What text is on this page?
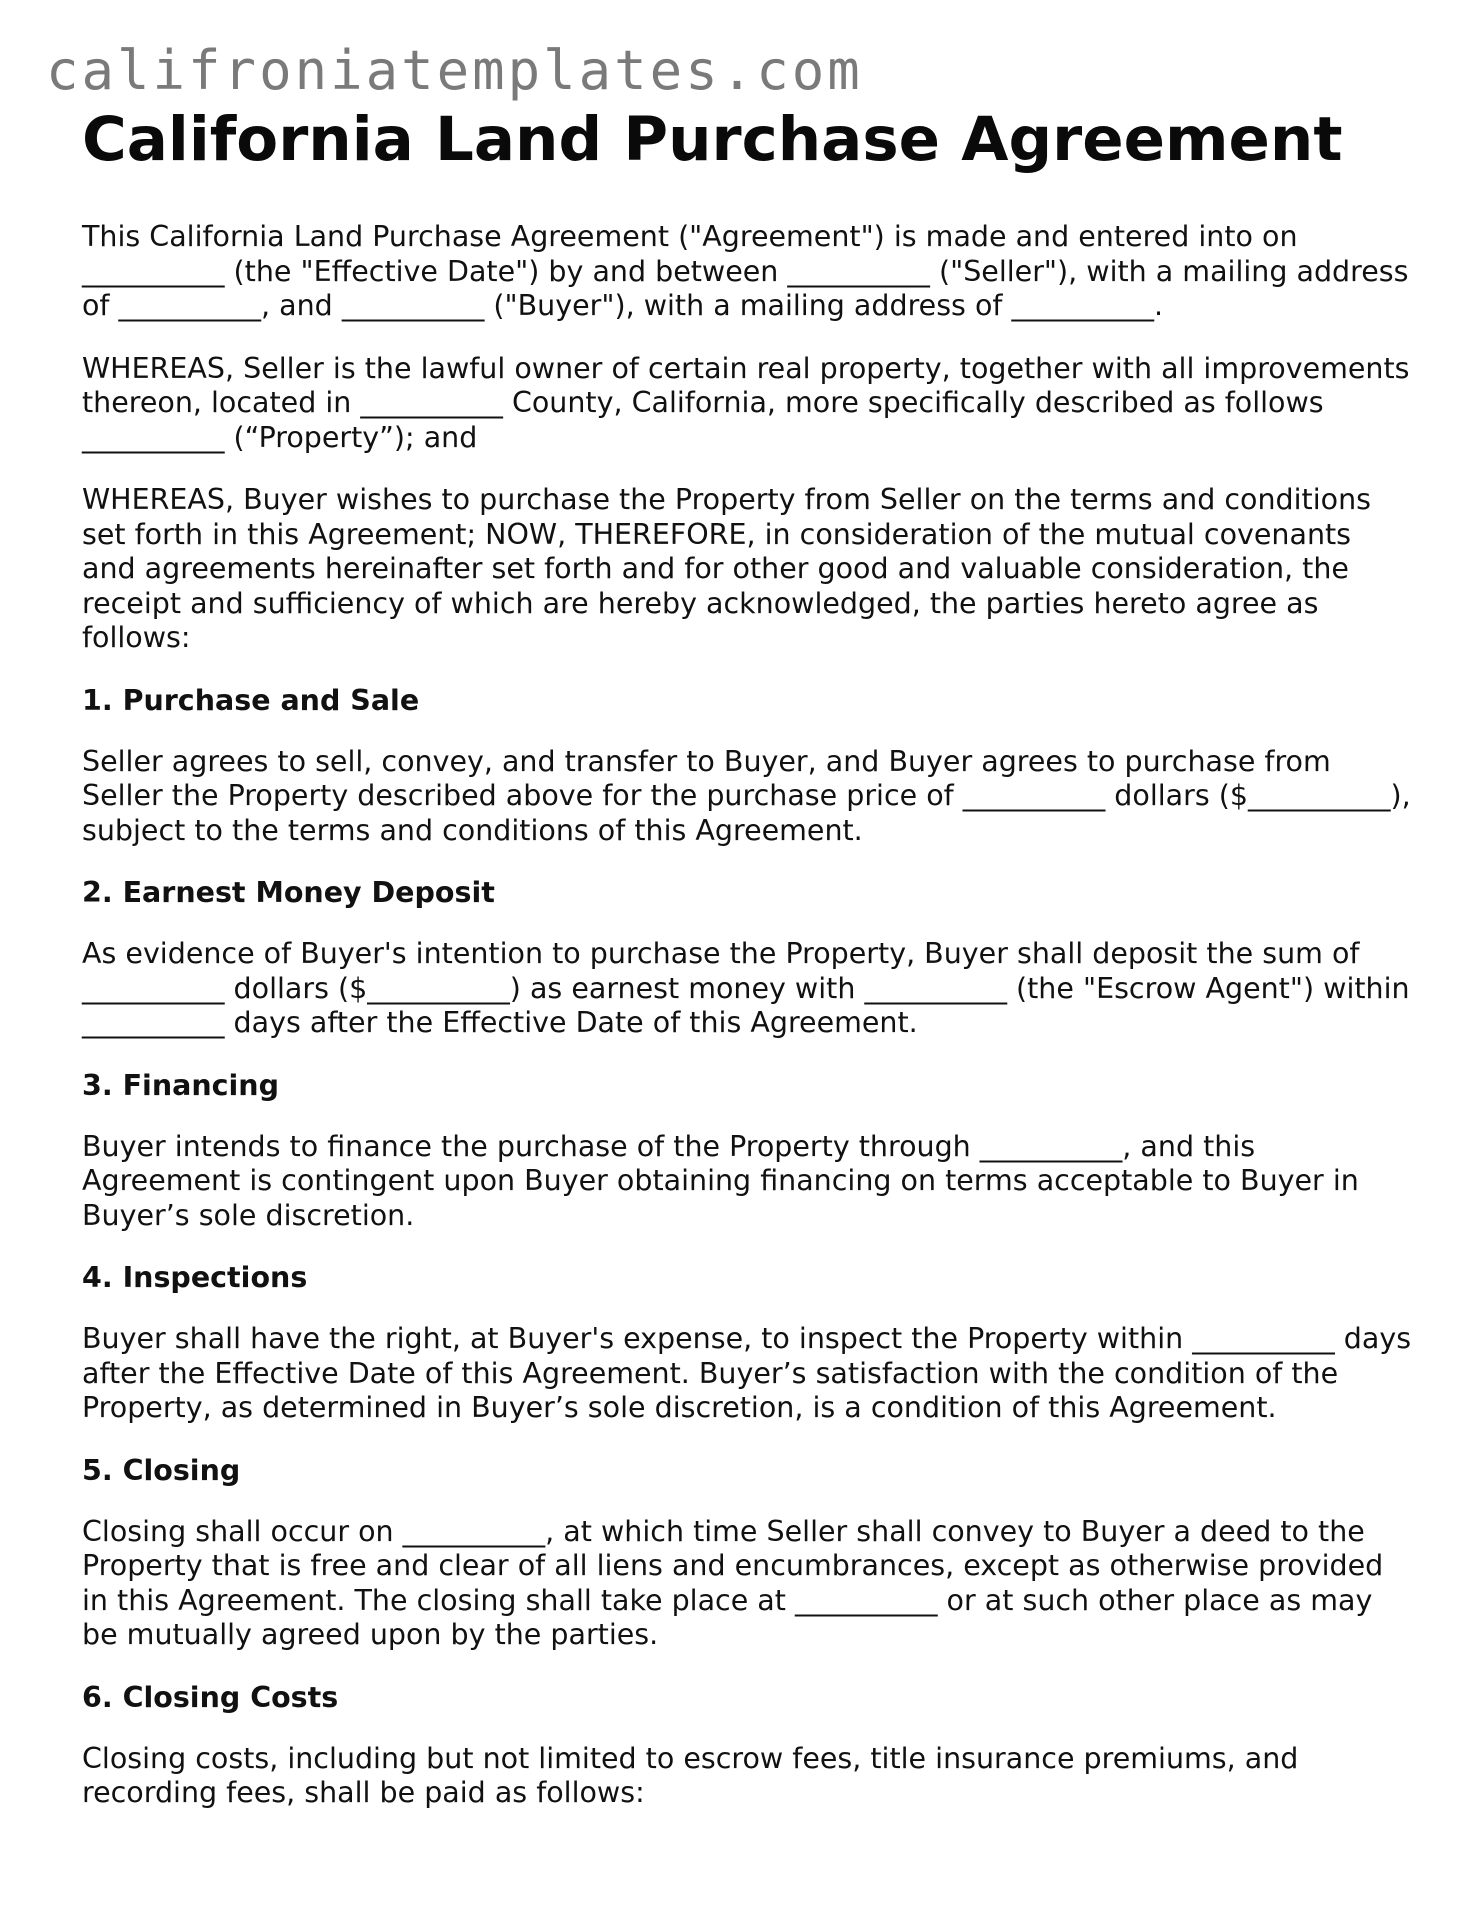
califroniatemplates.com
California Land Purchase Agreement

This California Land Purchase Agreement ("Agreement") is made and entered into on __________ (the "Effective Date") by and between __________ ("Seller"), with a mailing address of __________, and __________ ("Buyer"), with a mailing address of __________.

WHEREAS, Seller is the lawful owner of certain real property, together with all improvements thereon, located in __________ County, California, more specifically described as follows __________ (“Property”); and

WHEREAS, Buyer wishes to purchase the Property from Seller on the terms and conditions set forth in this Agreement; NOW, THEREFORE, in consideration of the mutual covenants and agreements hereinafter set forth and for other good and valuable consideration, the receipt and sufficiency of which are hereby acknowledged, the parties hereto agree as follows:

1. Purchase and Sale

Seller agrees to sell, convey, and transfer to Buyer, and Buyer agrees to purchase from Seller the Property described above for the purchase price of __________ dollars ($__________), subject to the terms and conditions of this Agreement.

2. Earnest Money Deposit

As evidence of Buyer's intention to purchase the Property, Buyer shall deposit the sum of __________ dollars ($__________) as earnest money with __________ (the "Escrow Agent") within __________ days after the Effective Date of this Agreement.

3. Financing

Buyer intends to finance the purchase of the Property through __________, and this Agreement is contingent upon Buyer obtaining financing on terms acceptable to Buyer in Buyer’s sole discretion.

4. Inspections

Buyer shall have the right, at Buyer's expense, to inspect the Property within __________ days after the Effective Date of this Agreement. Buyer’s satisfaction with the condition of the Property, as determined in Buyer’s sole discretion, is a condition of this Agreement.

5. Closing

Closing shall occur on __________, at which time Seller shall convey to Buyer a deed to the Property that is free and clear of all liens and encumbrances, except as otherwise provided in this Agreement. The closing shall take place at __________ or at such other place as may be mutually agreed upon by the parties.

6. Closing Costs

Closing costs, including but not limited to escrow fees, title insurance premiums, and recording fees, shall be paid as follows:
